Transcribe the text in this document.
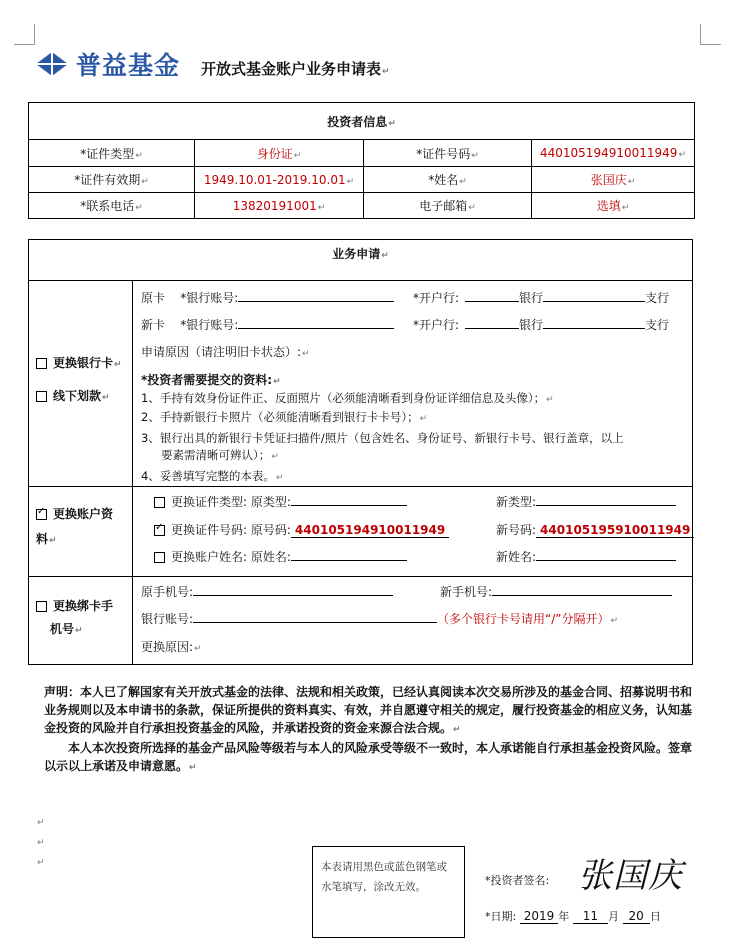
普益基金 开放式基金账户业务申请表↵
投资者信息↵			
*证件类型↵	身份证↵	*证件号码↵	440105194910011949↵
*证件有效期↵	1949.10.01-2019.10.01↵	*姓名↵	张国庆↵
*联系电话↵	13820191001↵	电子邮箱↵	选填↵
业务申请↵
更换银行卡↵
线下划款↵
原卡 *银行账号:	*开户行:	银行	支行
新卡 *银行账号:	*开户行:	银行	支行
申请原因（请注明旧卡状态）:↵
*投资者需要提交的资料:↵
1、手持有效身份证件正、反面照片（必须能清晰看到身份证详细信息及头像）；↵
2、手持新银行卡照片（必须能清晰看到银行卡卡号）；↵
3、银行出具的新银行卡凭证扫描件/照片（包含姓名、身份证号、新银行卡号、银行盖章，以上
要素需清晰可辨认）；↵
4、妥善填写完整的本表。↵
✓更换账户资
料↵
更换证件类型: 原类型:	新类型:
✓更换证件号码: 原号码: 440105194910011949	新号码: 440105195910011949
更换账户姓名: 原姓名:	新姓名:
更换绑卡手
机号↵
原手机号:	新手机号:
银行账号:	（多个银行卡号请用“/”分隔开）↵
更换原因:↵
声明：本人已了解国家有关开放式基金的法律、法规和相关政策，已经认真阅读本次交易所涉及的基金合同、招募说明书和业务规则以及本申请书的条款，保证所提供的资料真实、有效，并自愿遵守相关的规定，履行投资基金的相应义务，认知基金投资的风险并自行承担投资基金的风险，并承诺投资的资金来源合法合规。↵
本人本次投资所选择的基金产品风险等级若与本人的风险承受等级不一致时，本人承诺能自行承担基金投资风险。签章以示以上承诺及申请意愿。↵
↵
↵
↵	本表请用黑色或蓝色钢笔或水笔填写，涂改无效。	*投资者签名: 张国庆
*日期: 2019 年 11 月 20 日
